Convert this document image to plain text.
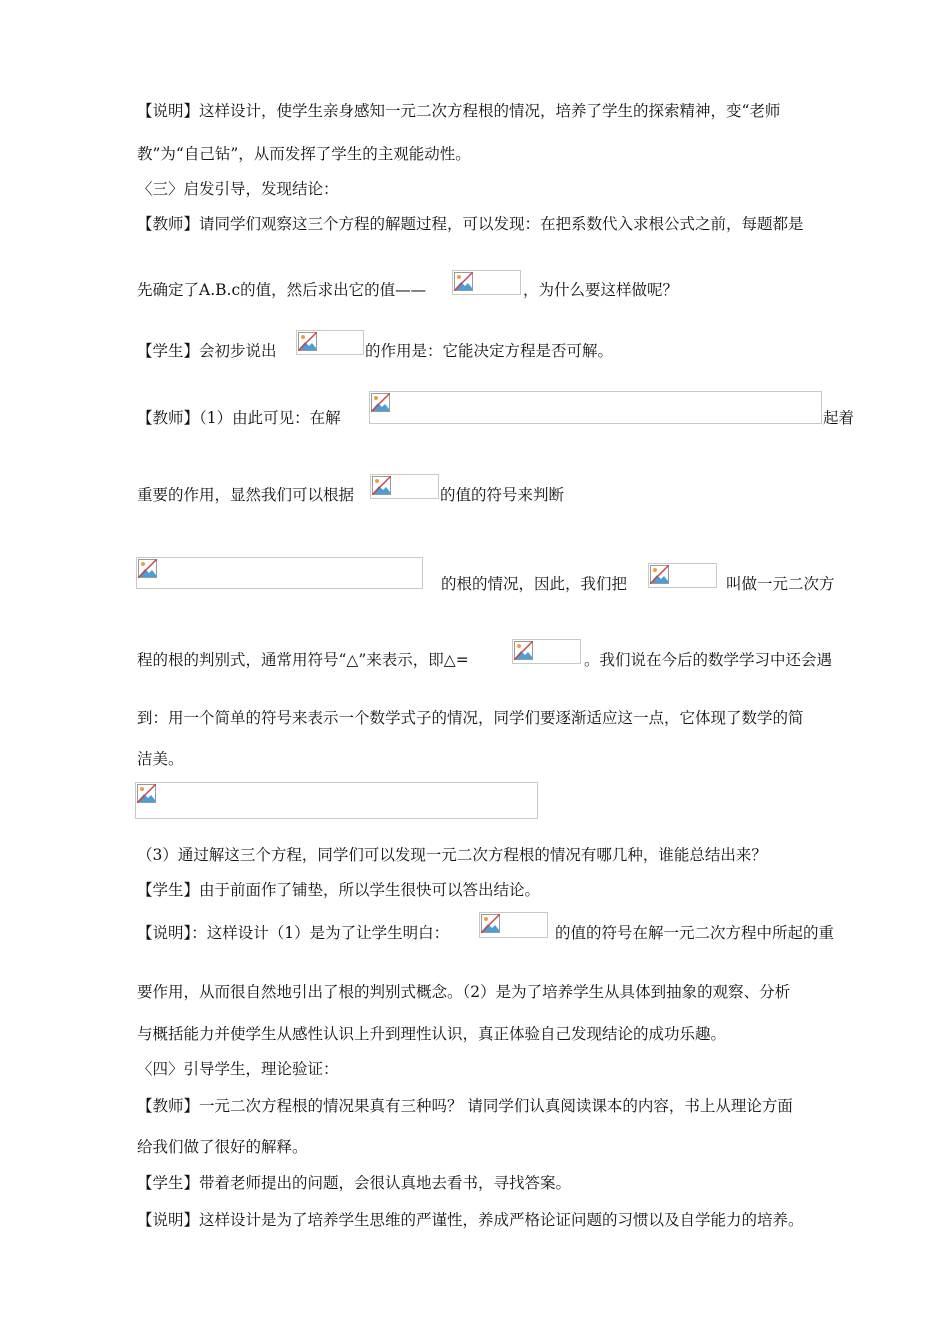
【说明】这样设计，使学生亲身感知一元二次方程根的情况，培养了学生的探索精神，变“老师
教”为“自己钻”，从而发挥了学生的主观能动性。
〈三〉启发引导，发现结论：
【教师】请同学们观察这三个方程的解题过程，可以发现：在把系数代入求根公式之前，每题都是
先确定了A.B.c的值，然后求出它的值——	，为什么要这样做呢？
【学生】会初步说出	的作用是：它能决定方程是否可解。
【教师】（1）由此可见：在解	起着
重要的作用，显然我们可以根据	的值的符号来判断
的根的情况，因此，我们把	叫做一元二次方
程的根的判别式，通常用符号“△”来表示，即△=	。我们说在今后的数学学习中还会遇
到：用一个简单的符号来表示一个数学式子的情况，同学们要逐渐适应这一点，它体现了数学的简
洁美。
（3）通过解这三个方程，同学们可以发现一元二次方程根的情况有哪几种，谁能总结出来？
【学生】由于前面作了铺垫，所以学生很快可以答出结论。
【说明】：这样设计（1）是为了让学生明白：	的值的符号在解一元二次方程中所起的重
要作用，从而很自然地引出了根的判别式概念。（2）是为了培养学生从具体到抽象的观察、分析
与概括能力并使学生从感性认识上升到理性认识，真正体验自己发现结论的成功乐趣。
〈四〉引导学生，理论验证：
【教师】一元二次方程根的情况果真有三种吗？ 请同学们认真阅读课本的内容，书上从理论方面
给我们做了很好的解释。
【学生】带着老师提出的问题，会很认真地去看书，寻找答案。
【说明】这样设计是为了培养学生思维的严谨性，养成严格论证问题的习惯以及自学能力的培养。
